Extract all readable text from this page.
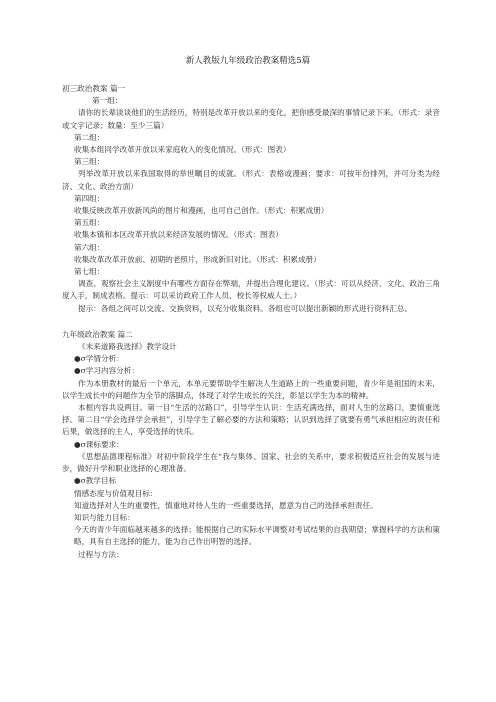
新人教版九年级政治教案精选5篇

初三政治教案 篇一

第一组：

请你的长辈谈谈他们的生活经历，特别是改革开放以来的变化，把你感受最深的事情记录下来。（形式：录音或文字记录；数量：至少三篇）

第二组：

收集本组同学改革开放以来家庭收入的变化情况。（形式：图表）

第三组：

列举改革开放以来我国取得的举世瞩目的成就。（形式：表格或漫画；要求：可按年份排列，并可分类为经济、文化、政治方面）

第四组：

收集反映改革开放新风尚的图片和漫画，也可自己创作。（形式：积累成册）

第五组：

收集本镇和本区改革开放以来经济发展的情况。（形式：图表）

第六组：

收集改革改革开放前、初期的老照片，形成新旧对比。（形式：积累成册）

第七组：

调查、观察社会主义制度中有哪些方面存在弊端，并提出合理化建议。（形式：可以从经济、文化、政治三角度入手，制成表格。提示：可以采访政府工作人员、校长等权威人士。）

提示：各组之间可以交流、交换资料，以充分收集资料。各组也可以提出新颖的形式进行资料汇总。

九年级政治教案 篇二

《未来道路我选择》教学设计

●σ学情分析：

●σ学习内容分析：

作为本册教材的最后一个单元，本单元要帮助学生解决人生道路上的一些重要问题，青少年是祖国的未来，以学生成长中的问题作为全节的落脚点，体现了对学生成长的关注，彰显以学生为本的精神。

本框内容共设两目。第一目“生活的岔路口”，引导学生认识：生活充满选择，面对人生的岔路口，要慎重选择。第二目“学会选择学会承担”，引导学生了解必要的方法和策略；认识到选择了就要有勇气承担相应的责任和后果，做选择的主人，享受选择的快乐。

●σ课标要求：

《思想品德课程标准》对初中阶段学生在“我与集体、国家、社会的关系中，要求积极适应社会的发展与进步，做好升学和职业选择的心理准备。

●σ教学目标

情感态度与价值观目标：

知道选择对人生的重要性，慎重地对待人生的一些重要选择，愿意为自己的选择承担责任。

知识与能力目标：

今天的青少年面临越来越多的选择；能根据自己的实际水平调整对考试结果的自我期望；掌握科学的方法和策略，具有自主选择的能力，能为自己作出明智的选择。

过程与方法：
